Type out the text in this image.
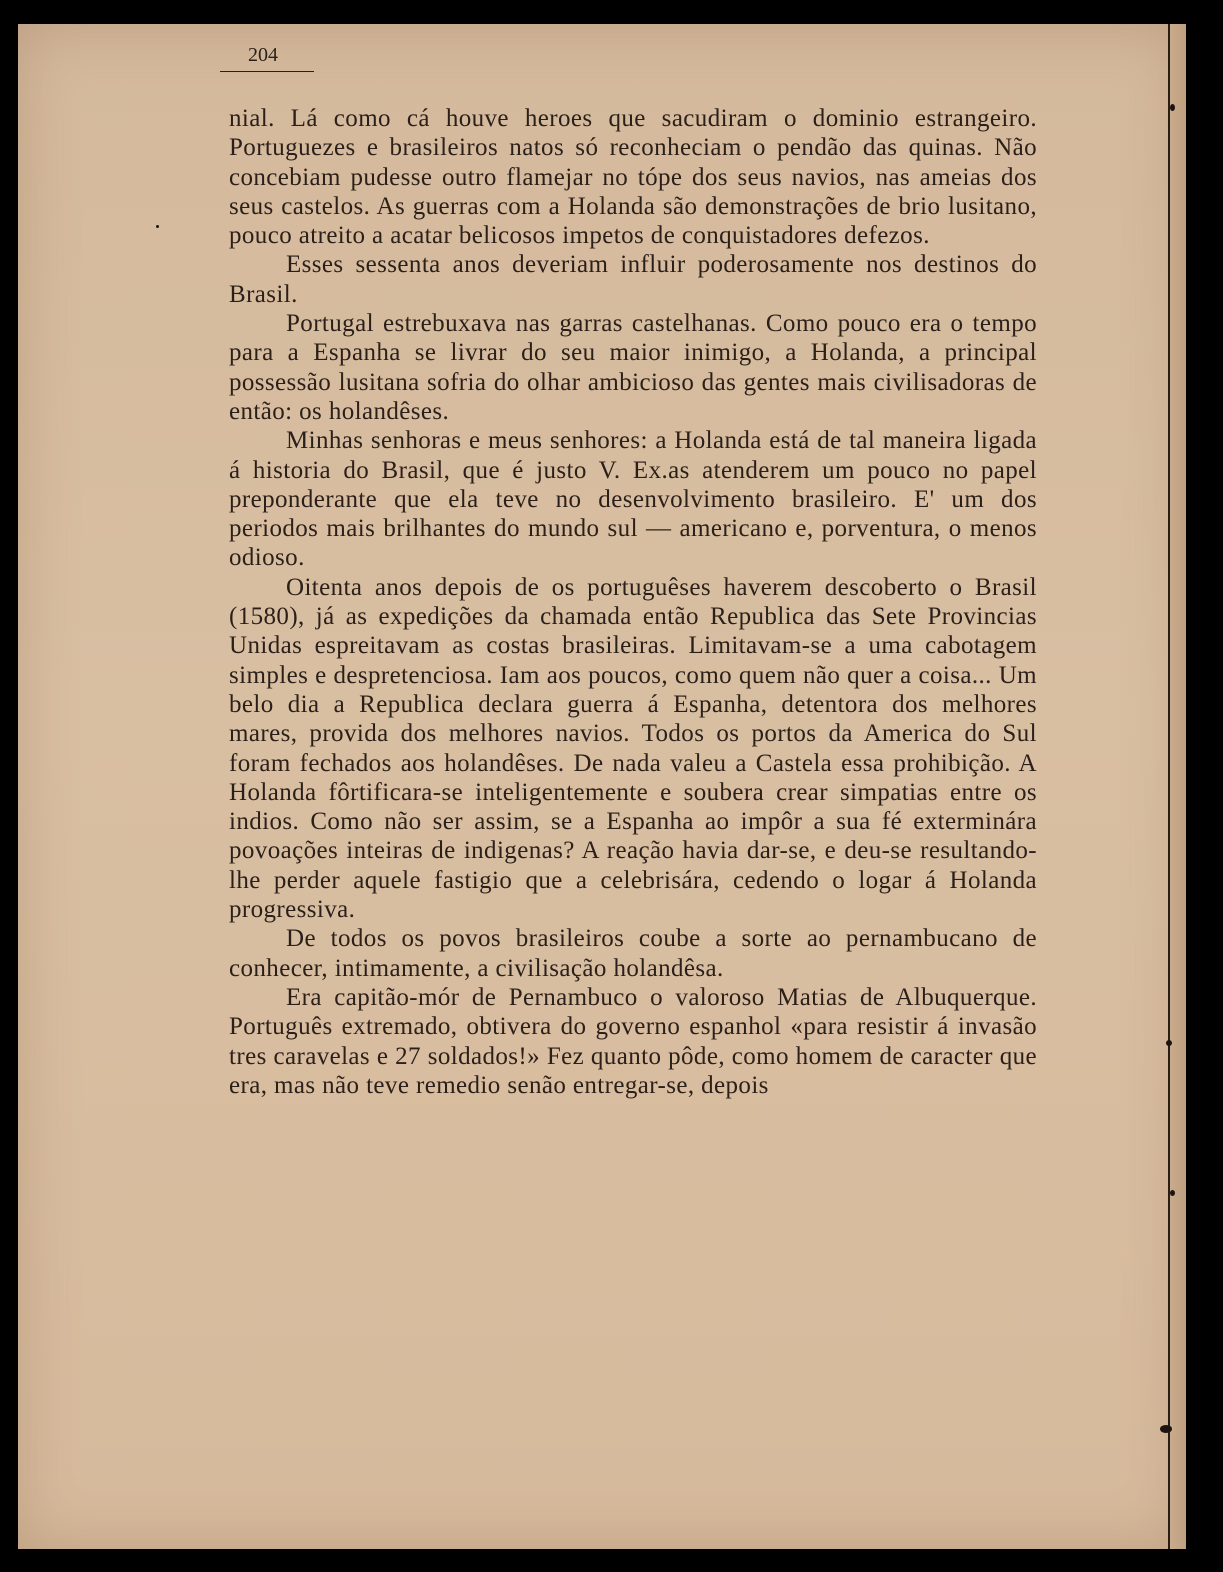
204

nial. Lá como cá houve heroes que sacudiram o dominio estrangeiro. Portuguezes e brasileiros natos só reconheciam o pendão das quinas. Não concebiam pudesse outro flamejar no tópe dos seus navios, nas ameias dos seus castelos. As guerras com a Holanda são demonstrações de brio lusitano, pouco atreito a acatar belicosos impetos de conquistadores defezos.

Esses sessenta anos deveriam influir poderosamente nos destinos do Brasil.

Portugal estrebuxava nas garras castelhanas. Como pouco era o tempo para a Espanha se livrar do seu maior inimigo, a Holanda, a principal possessão lusitana sofria do olhar ambicioso das gentes mais civilisadoras de então: os holandêses.

Minhas senhoras e meus senhores: a Holanda está de tal maneira ligada á historia do Brasil, que é justo V. Ex.as atenderem um pouco no papel preponderante que ela teve no desenvolvimento brasileiro. E' um dos periodos mais brilhantes do mundo sul — americano e, porventura, o menos odioso.

Oitenta anos depois de os portuguêses haverem descoberto o Brasil (1580), já as expedições da chamada então Republica das Sete Provincias Unidas espreitavam as costas brasileiras. Limitavam-se a uma cabotagem simples e despretenciosa. Iam aos poucos, como quem não quer a coisa... Um belo dia a Republica declara guerra á Espanha, detentora dos melhores mares, provida dos melhores navios. Todos os portos da America do Sul foram fechados aos holandêses. De nada valeu a Castela essa prohibição. A Holanda fôrtificara-se inteligentemente e soubera crear simpatias entre os indios. Como não ser assim, se a Espanha ao impôr a sua fé exterminára povoações inteiras de indigenas? A reação havia dar-se, e deu-se resultando-lhe perder aquele fastigio que a celebrisára, cedendo o logar á Holanda progressiva.

De todos os povos brasileiros coube a sorte ao pernambucano de conhecer, intimamente, a civilisação holandêsa.

Era capitão-mór de Pernambuco o valoroso Matias de Albuquerque. Português extremado, obtivera do governo espanhol «para resistir á invasão tres caravelas e 27 soldados!» Fez quanto pôde, como homem de caracter que era, mas não teve remedio senão entregar-se, depois
